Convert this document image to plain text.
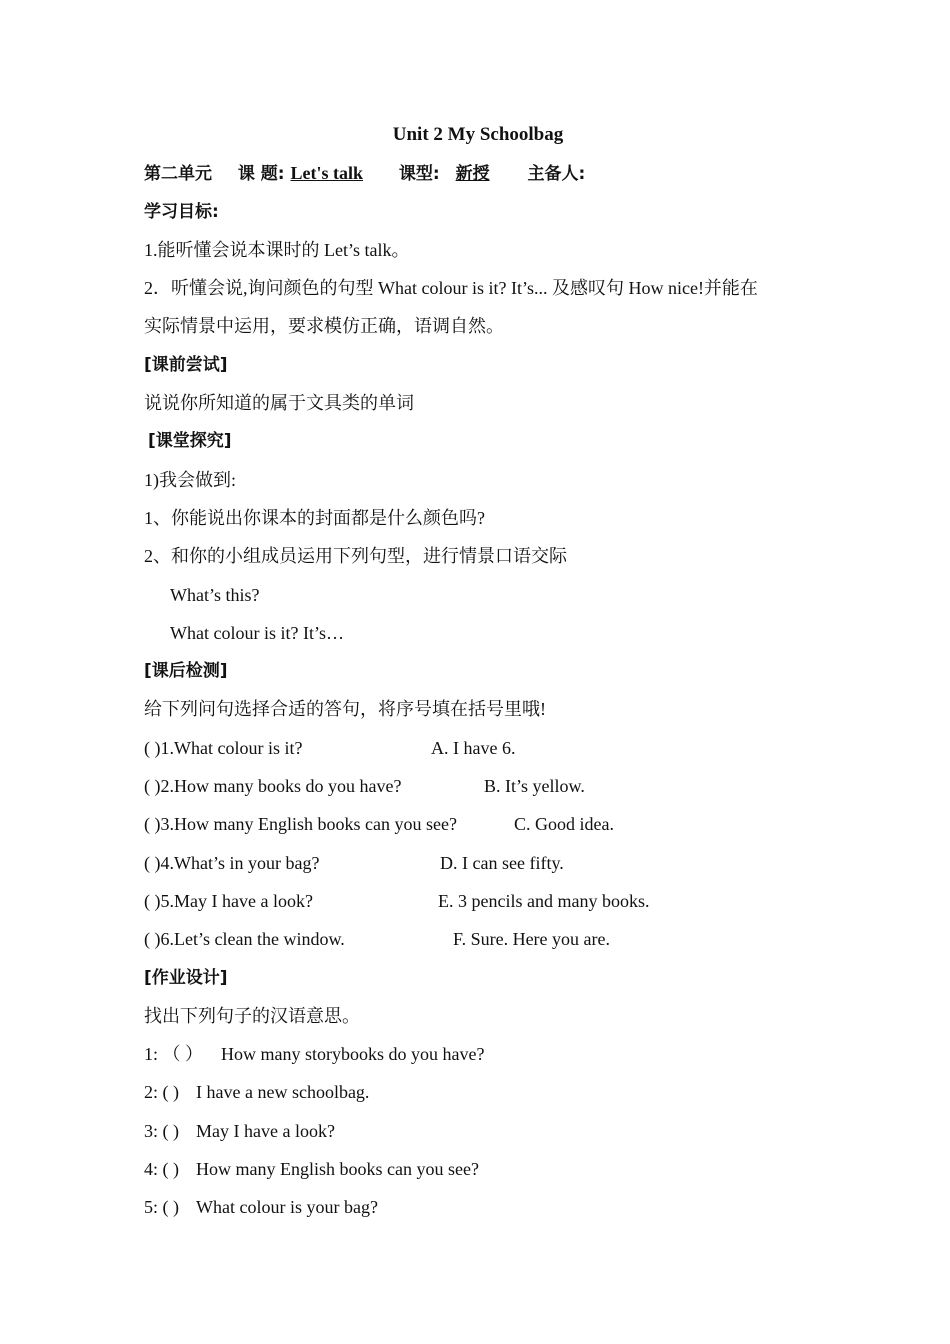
Unit 2 My Schoolbag
第二单元 课 题: Let's talk 课型: 新授 主备人:
学习目标:
1.能听懂会说本课时的 Let’s talk。
2．听懂会说,询问颜色的句型 What colour is it? It’s... 及感叹句 How nice!并能在
实际情景中运用，要求模仿正确，语调自然。
[课前尝试]
说说你所知道的属于文具类的单词
[课堂探究]
1)我会做到:
1、你能说出你课本的封面都是什么颜色吗?
2、和你的小组成员运用下列句型，进行情景口语交际
What’s this?
What colour is it? It’s…
[课后检测]
给下列问句选择合适的答句，将序号填在括号里哦!
( )1.What colour is it?	A. I have 6.
( )2.How many books do you have?	B. It’s yellow.
( )3.How many English books can you see?	C. Good idea.
( )4.What’s in your bag?	D. I can see fifty.
( )5.May I have a look?	E. 3 pencils and many books.
( )6.Let’s clean the window.	F. Sure. Here you are.
[作业设计]
找出下列句子的汉语意思。
1: （ ） How many storybooks do you have?
2: ( ) I have a new schoolbag.
3: ( ) May I have a look?
4: ( ) How many English books can you see?
5: ( ) What colour is your bag?
